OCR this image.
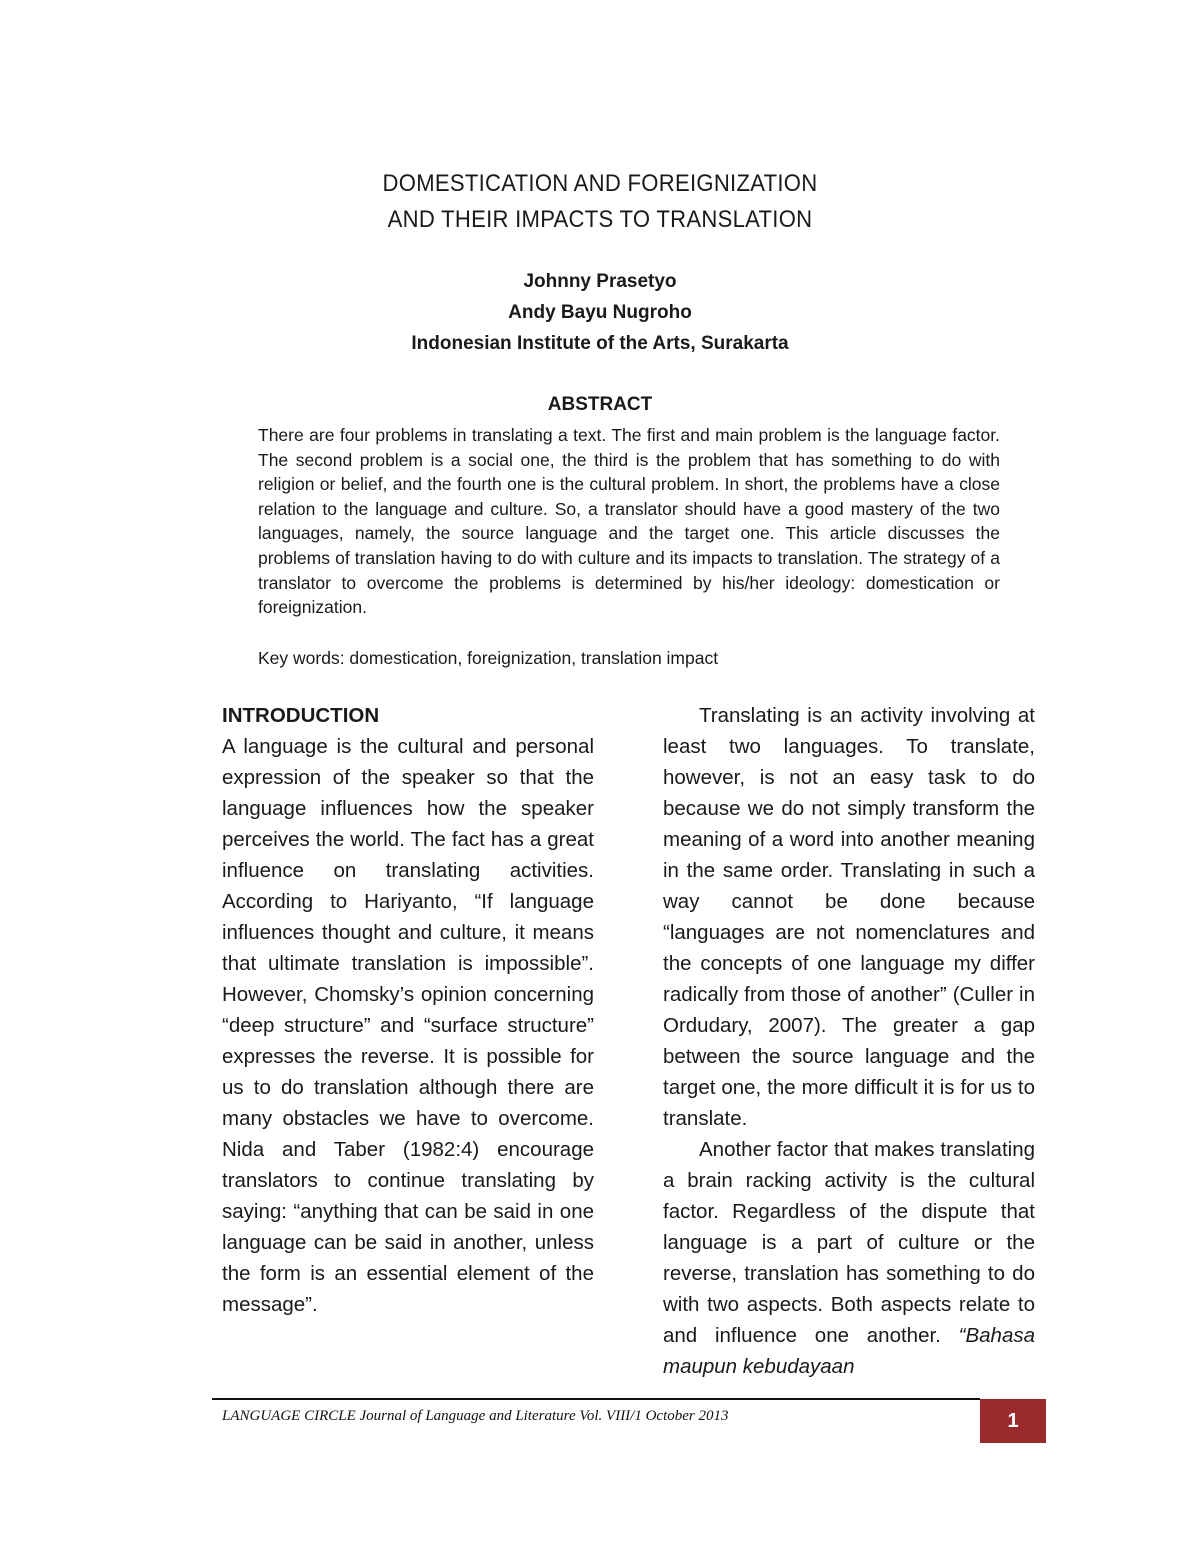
DOMESTICATION AND FOREIGNIZATION
AND THEIR IMPACTS TO TRANSLATION
Johnny Prasetyo
Andy Bayu Nugroho
Indonesian Institute of the Arts, Surakarta
ABSTRACT
There are four problems in translating a text. The first and main problem is the language factor. The second problem is a social one, the third is the problem that has something to do with religion or belief, and the fourth one is the cultural problem. In short, the problems have a close relation to the language and culture. So, a translator should have a good mastery of the two languages, namely, the source language and the target one. This article discusses the problems of translation having to do with culture and its impacts to translation. The strategy of a translator to overcome the problems is determined by his/her ideology: domestication or foreignization.
Key words: domestication, foreignization, translation impact

INTRODUCTION

A language is the cultural and personal expression of the speaker so that the language influences how the speaker perceives the world. The fact has a great influence on translating activities. According to Hariyanto, “If language influences thought and culture, it means that ultimate translation is impossible”. However, Chomsky’s opinion concerning “deep structure” and “surface structure” expresses the reverse. It is possible for us to do translation although there are many obstacles we have to overcome. Nida and Taber (1982:4) encourage translators to continue translating by saying: “anything that can be said in one language can be said in another, unless the form is an essential element of the message”.

Translating is an activity involving at least two languages. To translate, however, is not an easy task to do because we do not simply transform the meaning of a word into another meaning in the same order. Translating in such a way cannot be done because “languages are not nomenclatures and the concepts of one language my differ radically from those of another” (Culler in Ordudary, 2007). The greater a gap between the source language and the target one, the more difficult it is for us to translate.

Another factor that makes translating a brain racking activity is the cultural factor. Regardless of the dispute that language is a part of culture or the reverse, translation has something to do with two aspects. Both aspects relate to and influence one another. “Bahasa maupun kebudayaan

LANGUAGE CIRCLE Journal of Language and Literature Vol. VIII/1 October 2013	1
